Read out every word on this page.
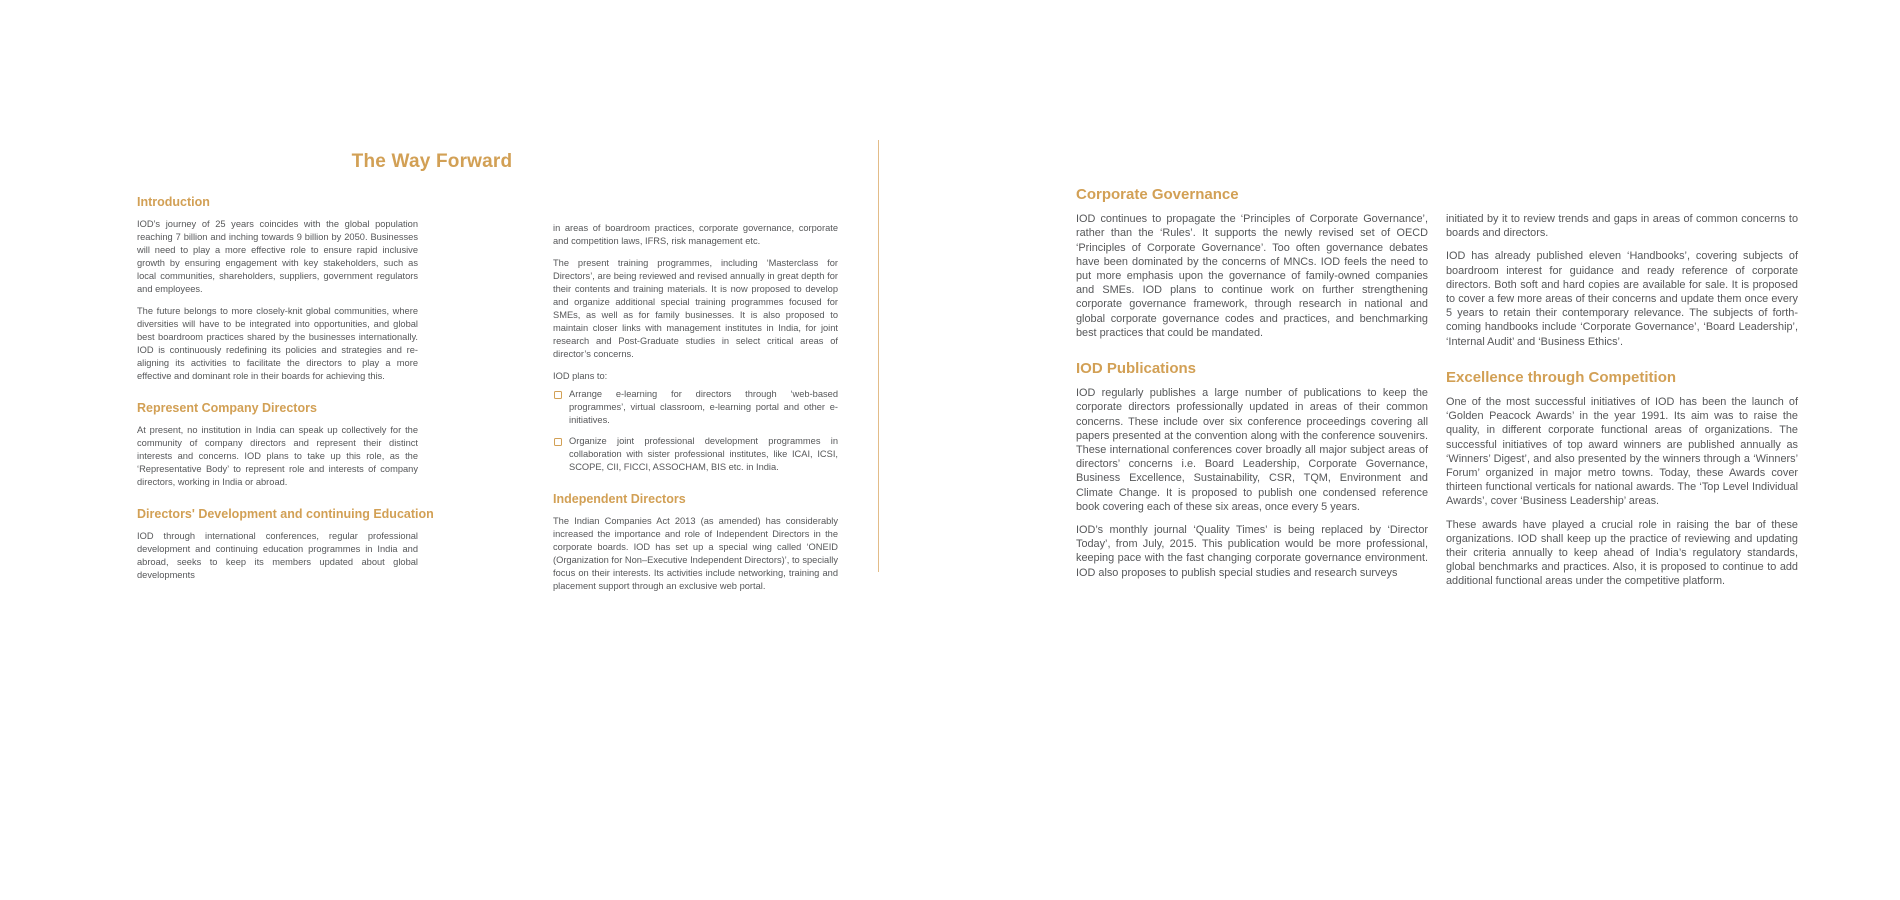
The Way Forward
Introduction

IOD’s journey of 25 years coincides with the global population reaching 7 billion and inching towards 9 billion by 2050. Businesses will need to play a more effective role to ensure rapid inclusive growth by ensuring engagement with key stakeholders, such as local communities, shareholders, suppliers, government regulators and employees.

The future belongs to more closely-knit global communities, where diversities will have to be integrated into opportunities, and global best boardroom practices shared by the businesses internationally. IOD is continuously redefining its policies and strategies and re-aligning its activities to facilitate the directors to play a more effective and dominant role in their boards for achieving this.

Represent Company Directors

At present, no institution in India can speak up collectively for the community of company directors and represent their distinct interests and concerns. IOD plans to take up this role, as the ‘Representative Body’ to represent role and interests of company directors, working in India or abroad.

Directors' Development and continuing Education

IOD through international conferences, regular professional development and continuing education programmes in India and abroad, seeks to keep its members updated about global developments

in areas of boardroom practices, corporate governance, corporate and competition laws, IFRS, risk management etc.

The present training programmes, including ‘Masterclass for Directors’, are being reviewed and revised annually in great depth for their contents and training materials. It is now proposed to develop and organize additional special training programmes focused for SMEs, as well as for family businesses. It is also proposed to maintain closer links with management institutes in India, for joint research and Post-Graduate studies in select critical areas of director’s concerns.

IOD plans to:

Arrange e-learning for directors through ‘web-based programmes’, virtual classroom, e-learning portal and other e-initiatives.
Organize joint professional development programmes in collaboration with sister professional institutes, like ICAI, ICSI, SCOPE, CII, FICCI, ASSOCHAM, BIS etc. in India.
Independent Directors

The Indian Companies Act 2013 (as amended) has considerably increased the importance and role of Independent Directors in the corporate boards. IOD has set up a special wing called ‘ONEID (Organization for Non–Executive Independent Directors)’, to specially focus on their interests. Its activities include networking, training and placement support through an exclusive web portal.

Corporate Governance

IOD continues to propagate the ‘Principles of Corporate Governance’, rather than the ‘Rules’. It supports the newly revised set of OECD ‘Principles of Corporate Governance’. Too often governance debates have been dominated by the concerns of MNCs. IOD feels the need to put more emphasis upon the governance of family-owned companies and SMEs. IOD plans to continue work on further strengthening corporate governance framework, through research in national and global corporate governance codes and practices, and benchmarking best practices that could be mandated.

IOD Publications

IOD regularly publishes a large number of publications to keep the corporate directors professionally updated in areas of their common concerns. These include over six conference proceedings covering all papers presented at the convention along with the conference souvenirs. These international conferences cover broadly all major subject areas of directors’ concerns i.e. Board Leadership, Corporate Governance, Business Excellence, Sustainability, CSR, TQM, Environment and Climate Change. It is proposed to publish one condensed reference book covering each of these six areas, once every 5 years.

IOD’s monthly journal ‘Quality Times’ is being replaced by ‘Director Today’, from July, 2015. This publication would be more professional, keeping pace with the fast changing corporate governance environment. IOD also proposes to publish special studies and research surveys

initiated by it to review trends and gaps in areas of common concerns to boards and directors.

IOD has already published eleven ‘Handbooks’, covering subjects of boardroom interest for guidance and ready reference of corporate directors. Both soft and hard copies are available for sale. It is proposed to cover a few more areas of their concerns and update them once every 5 years to retain their contemporary relevance. The subjects of forth-coming handbooks include ‘Corporate Governance’, ‘Board Leadership’, ‘Internal Audit’ and ‘Business Ethics’.

Excellence through Competition

One of the most successful initiatives of IOD has been the launch of ‘Golden Peacock Awards’ in the year 1991. Its aim was to raise the quality, in different corporate functional areas of organizations. The successful initiatives of top award winners are published annually as ‘Winners’ Digest’, and also presented by the winners through a ‘Winners’ Forum’ organized in major metro towns. Today, these Awards cover thirteen functional verticals for national awards. The ‘Top Level Individual Awards’, cover ‘Business Leadership’ areas.

These awards have played a crucial role in raising the bar of these organizations. IOD shall keep up the practice of reviewing and updating their criteria annually to keep ahead of India’s regulatory standards, global benchmarks and practices. Also, it is proposed to continue to add additional functional areas under the competitive platform.
